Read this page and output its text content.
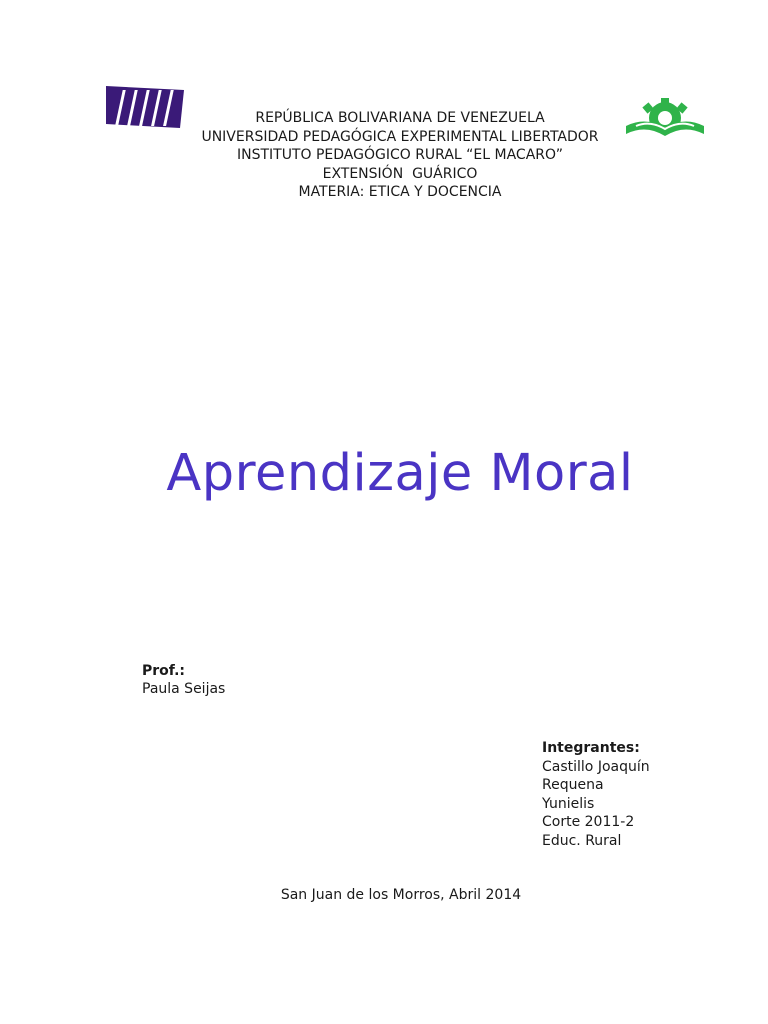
REPÚBLICA BOLIVARIANA DE VENEZUELA
UNIVERSIDAD PEDAGÓGICA EXPERIMENTAL LIBERTADOR
INSTITUTO PEDAGÓGICO RURAL “EL MACARO”
EXTENSIÓN  GUÁRICO
MATERIA: ETICA Y DOCENCIA
Aprendizaje Moral
Prof.:
Paula Seijas
Integrantes:
Castillo Joaquín
Requena
Yunielis
Corte 2011-2
Educ. Rural
San Juan de los Morros, Abril 2014
